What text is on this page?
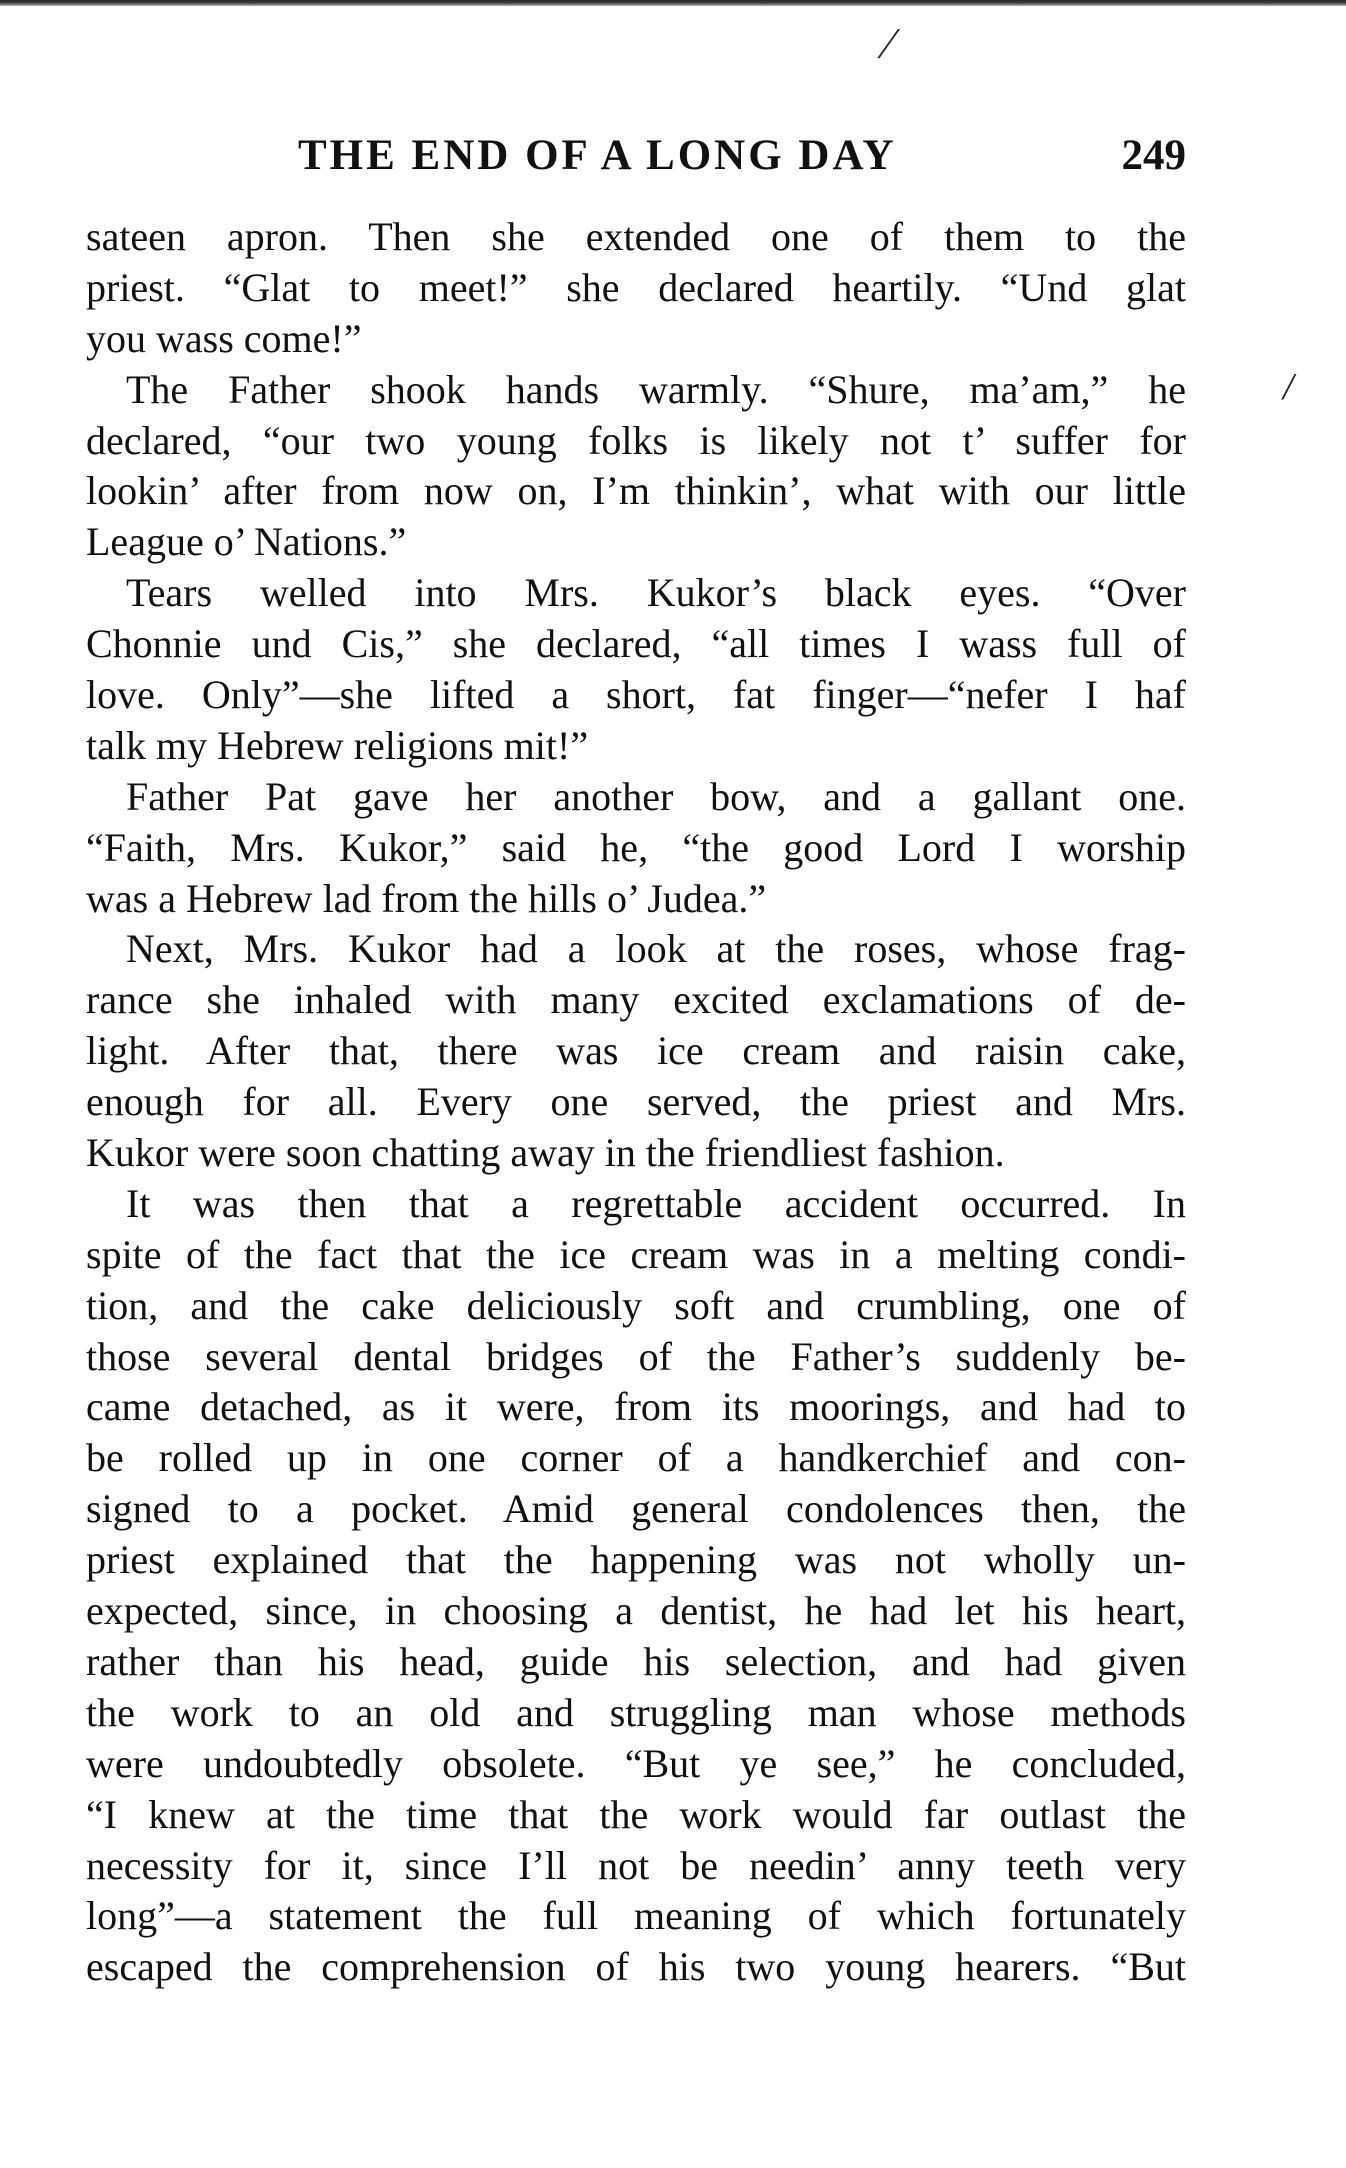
⁄
/
THE END OF A LONG DAY	249
sateen apron. Then she extended one of them to the
priest. “Glat to meet!” she declared heartily. “Und glat
you wass come!”
The Father shook hands warmly. “Shure, ma’am,” he
declared, “our two young folks is likely not t’ suffer for
lookin’ after from now on, I’m thinkin’, what with our little
League o’ Nations.”
Tears welled into Mrs. Kukor’s black eyes. “Over
Chonnie und Cis,” she declared, “all times I wass full of
love. Only”—she lifted a short, fat finger—“nefer I haf
talk my Hebrew religions mit!”
Father Pat gave her another bow, and a gallant one.
“Faith, Mrs. Kukor,” said he, “the good Lord I worship
was a Hebrew lad from the hills o’ Judea.”
Next, Mrs. Kukor had a look at the roses, whose frag-
rance she inhaled with many excited exclamations of de-
light. After that, there was ice cream and raisin cake,
enough for all. Every one served, the priest and Mrs.
Kukor were soon chatting away in the friendliest fashion.
It was then that a regrettable accident occurred. In
spite of the fact that the ice cream was in a melting condi-
tion, and the cake deliciously soft and crumbling, one of
those several dental bridges of the Father’s suddenly be-
came detached, as it were, from its moorings, and had to
be rolled up in one corner of a handkerchief and con-
signed to a pocket. Amid general condolences then, the
priest explained that the happening was not wholly un-
expected, since, in choosing a dentist, he had let his heart,
rather than his head, guide his selection, and had given
the work to an old and struggling man whose methods
were undoubtedly obsolete. “But ye see,” he concluded,
“I knew at the time that the work would far outlast the
necessity for it, since I’ll not be needin’ anny teeth very
long”—a statement the full meaning of which fortunately
escaped the comprehension of his two young hearers. “But
